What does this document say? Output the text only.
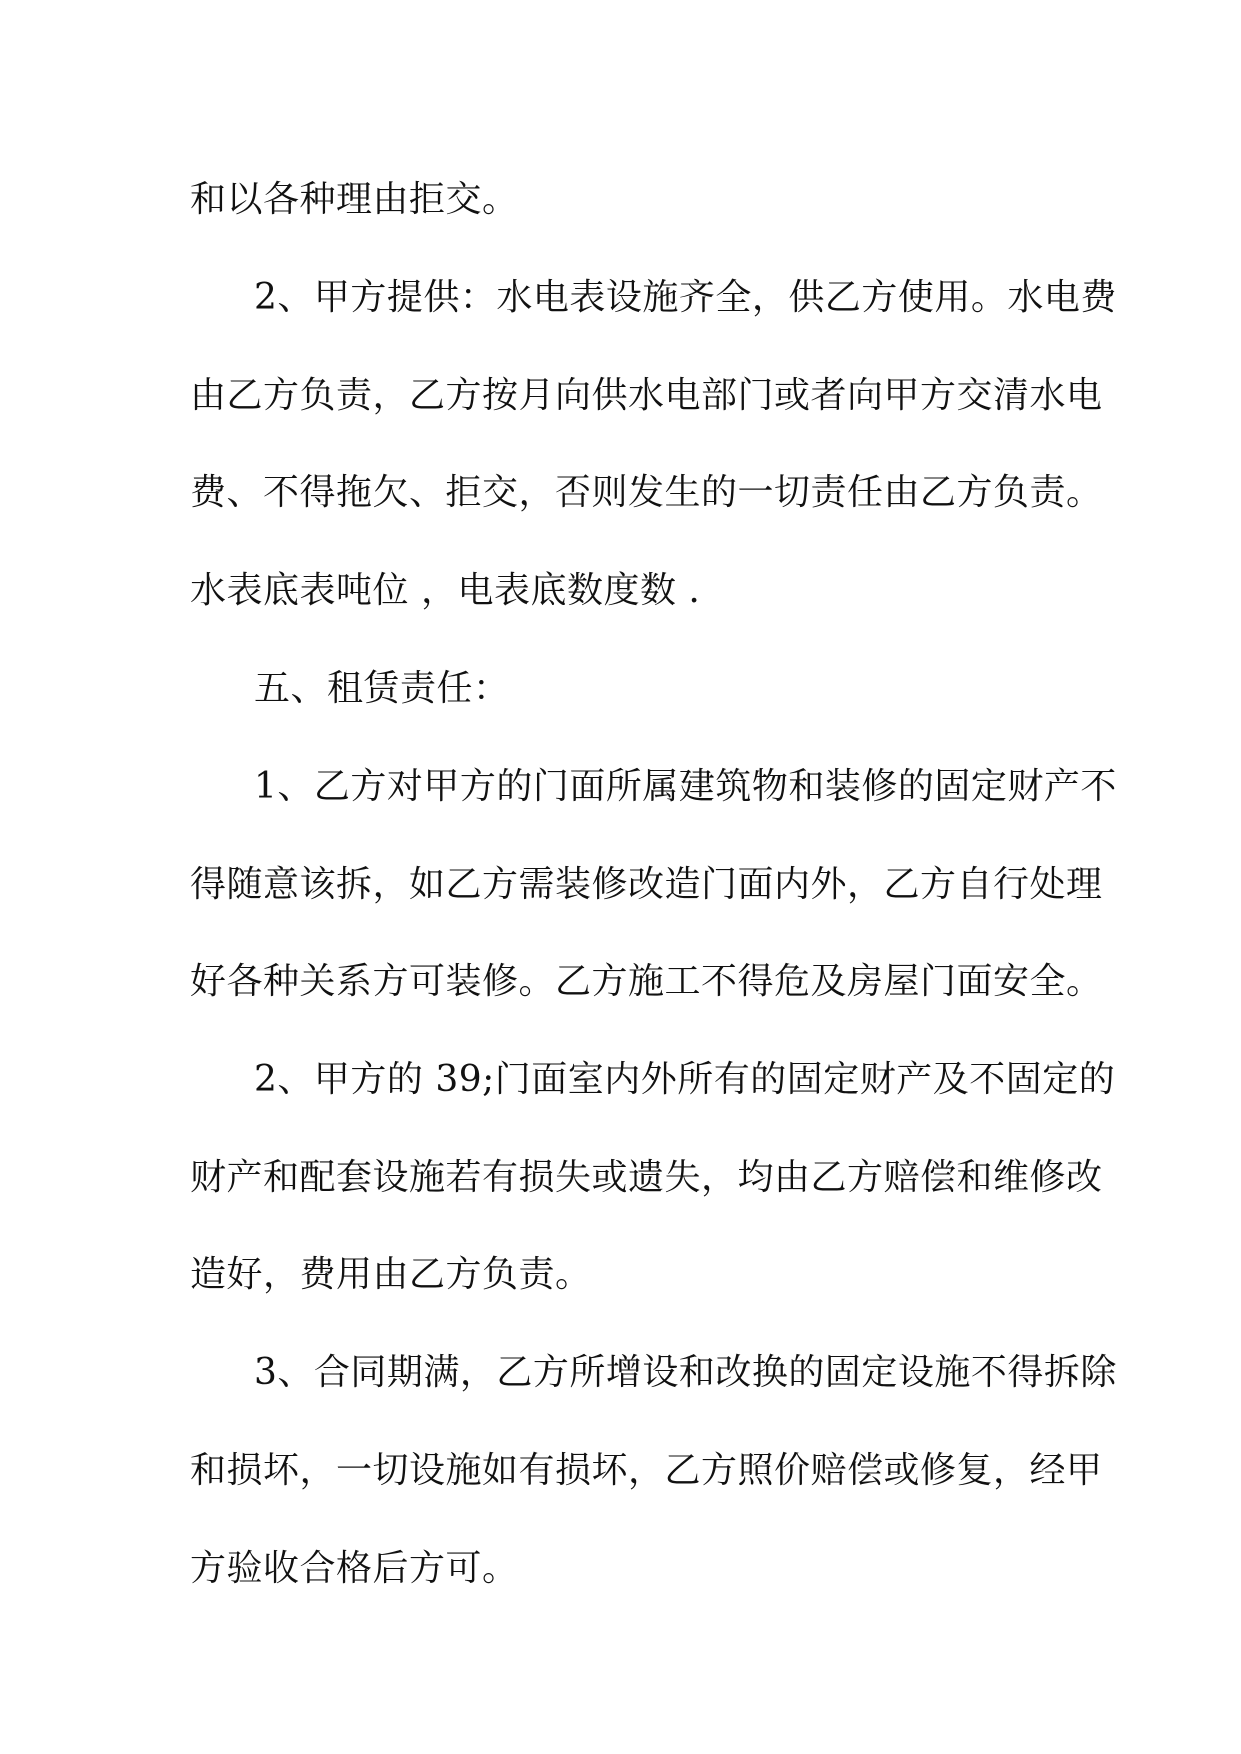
和以各种理由拒交。
2、甲方提供：水电表设施齐全，供乙方使用。水电费
由乙方负责，乙方按月向供水电部门或者向甲方交清水电
费、不得拖欠、拒交，否则发生的一切责任由乙方负责。
水表底表吨位 ，电表底数度数 .
五、租赁责任：
1、乙方对甲方的门面所属建筑物和装修的固定财产不
得随意该拆，如乙方需装修改造门面内外，乙方自行处理
好各种关系方可装修。乙方施工不得危及房屋门面安全。
2、甲方的 39;门面室内外所有的固定财产及不固定的
财产和配套设施若有损失或遗失，均由乙方赔偿和维修改
造好，费用由乙方负责。
3、合同期满，乙方所增设和改换的固定设施不得拆除
和损坏，一切设施如有损坏，乙方照价赔偿或修复，经甲
方验收合格后方可。
